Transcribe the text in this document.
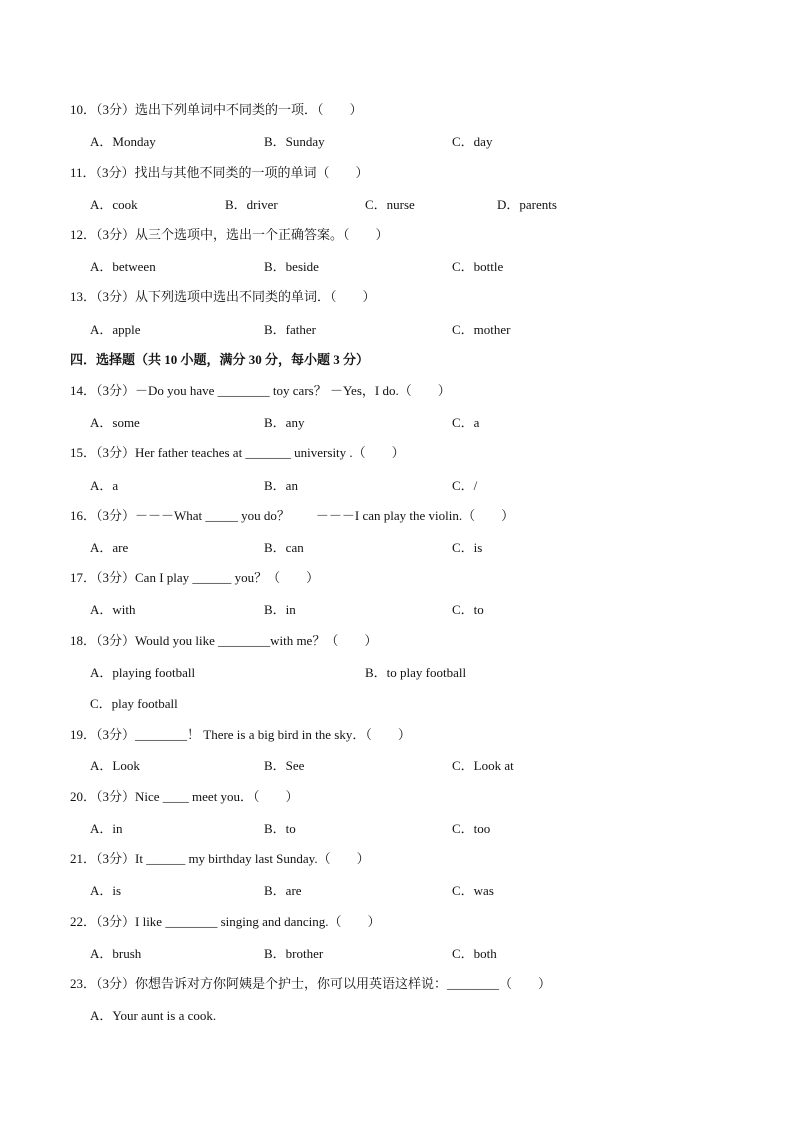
10．（3分）选出下列单词中不同类的一项．（　　）
A．Monday	B．Sunday	C．day
11．（3分）找出与其他不同类的一项的单词（　　）
A．cook	B．driver	C．nurse	D．parents
12．（3分）从三个选项中，选出一个正确答案。（　　）
A．between	B．beside	C．bottle
13．（3分）从下列选项中选出不同类的单词．（　　）
A．apple	B．father	C．mother
四．选择题（共 10 小题，满分 30 分，每小题 3 分）
14．（3分）－Do you have ________ toy cars？ －Yes，I do.（　　）
A．some	B．any	C．a
15．（3分）Her father teaches at _______ university .（　　）
A．a	B．an	C．/
16．（3分）－－－What _____ you do？　　－－－I can play the violin.（　　）
A．are	B．can	C．is
17．（3分）Can I play ______ you？（　　）
A．with	B．in	C．to
18．（3分）Would you like ________with me？（　　）
A．playing football	B．to play football
C．play football
19．（3分）________！ There is a big bird in the sky．（　　）
A．Look	B．See	C．Look at
20．（3分）Nice ____ meet you．（　　）
A．in	B．to	C．too
21．（3分）It ______ my birthday last Sunday.（　　）
A．is	B．are	C．was
22．（3分）I like ________ singing and dancing.（　　）
A．brush	B．brother	C．both
23．（3分）你想告诉对方你阿姨是个护士，你可以用英语这样说：________（　　）
A．Your aunt is a cook.
